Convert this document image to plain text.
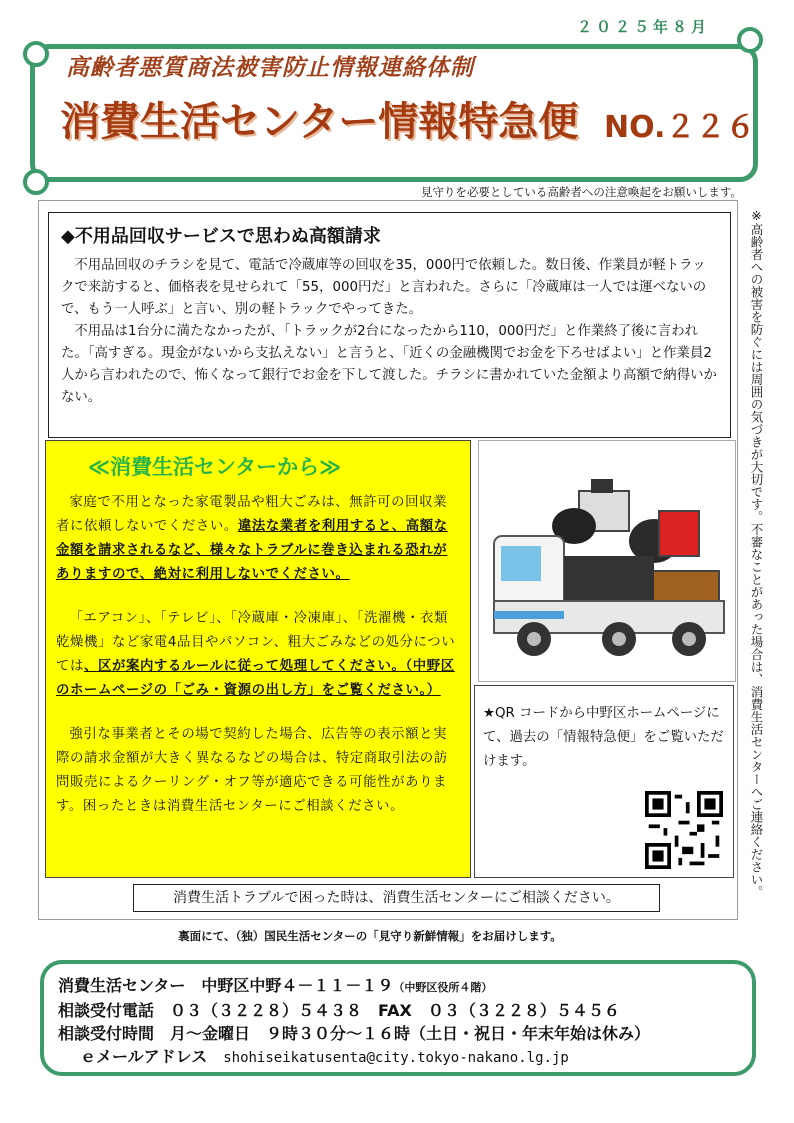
２０２５年８月
高齢者悪質商法被害防止情報連絡体制
消費生活センター情報特急便 NO.２２６
見守りを必要としている高齢者への注意喚起をお願いします。
◆不用品回収サービスで思わぬ高額請求

不用品回収のチラシを見て、電話で冷蔵庫等の回収を35，000円で依頼した。数日後、作業員が軽トラックで来訪すると、価格表を見せられて「55，000円だ」と言われた。さらに「冷蔵庫は一人では運べないので、もう一人呼ぶ」と言い、別の軽トラックでやってきた。

不用品は1台分に満たなかったが、「トラックが2台になったから110，000円だ」と作業終了後に言われた。「高すぎる。現金がないから支払えない」と言うと、「近くの金融機関でお金を下ろせばよい」と作業員2人から言われたので、怖くなって銀行でお金を下して渡した。チラシに書かれていた金額より高額で納得いかない。

≪消費生活センターから≫

家庭で不用となった家電製品や粗大ごみは、無許可の回収業者に依頼しないでください。違法な業者を利用すると、高額な金額を請求されるなど、様々なトラブルに巻き込まれる恐れがありますので、絶対に利用しないでください。

「エアコン」、「テレビ」、「冷蔵庫・冷凍庫」、「洗濯機・衣類乾燥機」など家電4品目やパソコン、粗大ごみなどの処分については、区が案内するルールに従って処理してください。（中野区のホームページの「ごみ・資源の出し方」をご覧ください。）

強引な事業者とその場で契約した場合、広告等の表示額と実際の請求金額が大きく異なるなどの場合は、特定商取引法の訪問販売によるクーリング・オフ等が適応できる可能性があります。困ったときは消費生活センターにご相談ください。

★QR コードから中野区ホームページにて、過去の「情報特急便」をご覧いただけます。
消費生活トラブルで困った時は、消費生活センターにご相談ください。	※高齢者への被害を防ぐには周囲の気づきが大切です。不審なことがあった場合は、消費生活センターへご連絡ください。
裏面にて、（独）国民生活センターの「見守り新鮮情報」をお届けします。
消費生活センター　中野区中野４－１１－１９（中野区役所４階）
相談受付電話　０３（３２２８）５４３８　FAX　０３（３２２８）５４５６
相談受付時間　月～金曜日　９時３０分～１６時（土日・祝日・年末年始は休み）
ｅメールアドレス　 shohiseikatusenta@city.tokyo-nakano.lg.jp
